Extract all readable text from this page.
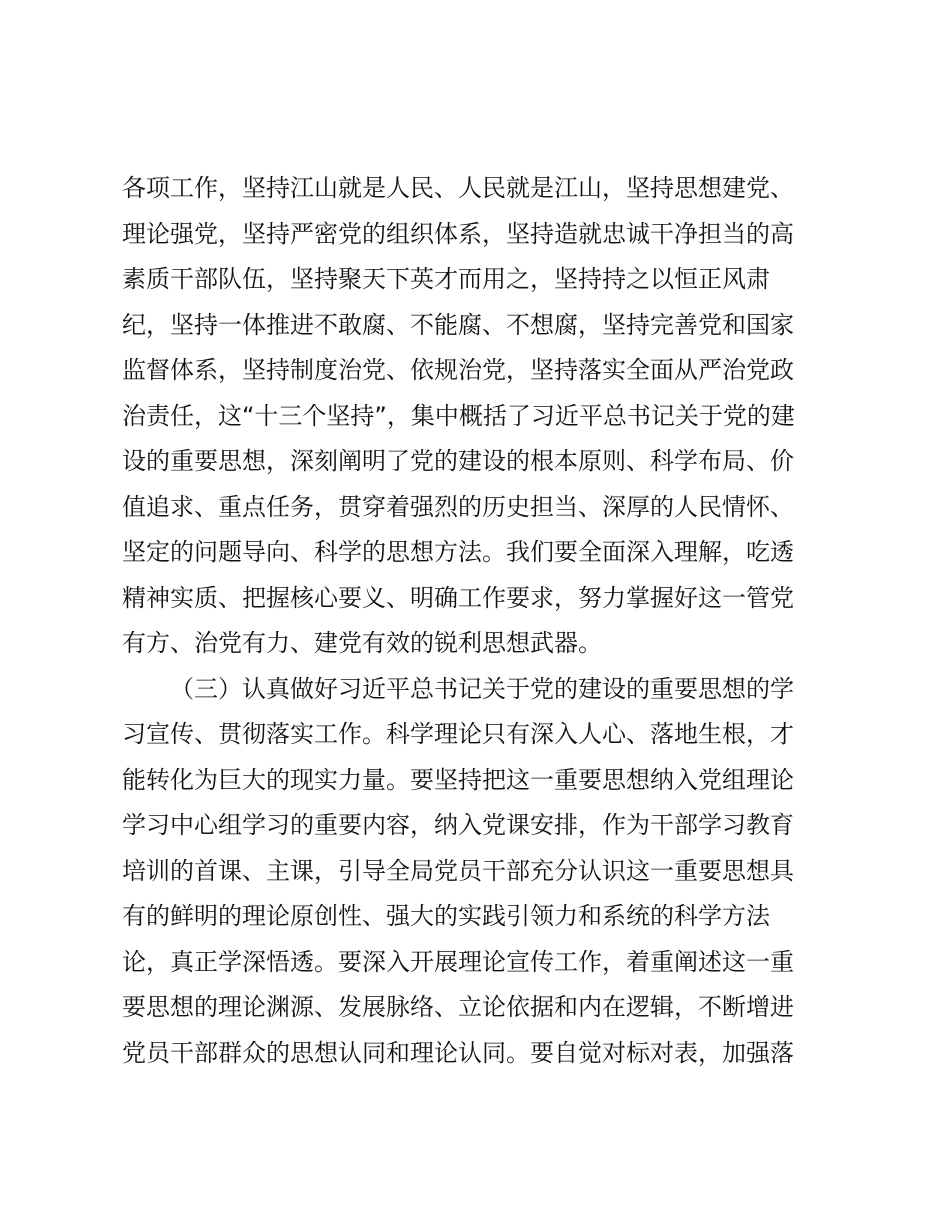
各项工作，坚持江山就是人民、人民就是江山，坚持思想建党、
理论强党，坚持严密党的组织体系，坚持造就忠诚干净担当的高
素质干部队伍，坚持聚天下英才而用之，坚持持之以恒正风肃
纪，坚持一体推进不敢腐、不能腐、不想腐，坚持完善党和国家
监督体系，坚持制度治党、依规治党，坚持落实全面从严治党政
治责任，这“十三个坚持”，集中概括了习近平总书记关于党的建
设的重要思想，深刻阐明了党的建设的根本原则、科学布局、价
值追求、重点任务，贯穿着强烈的历史担当、深厚的人民情怀、
坚定的问题导向、科学的思想方法。我们要全面深入理解，吃透
精神实质、把握核心要义、明确工作要求，努力掌握好这一管党
有方、治党有力、建党有效的锐利思想武器。
（三）认真做好习近平总书记关于党的建设的重要思想的学
习宣传、贯彻落实工作。科学理论只有深入人心、落地生根，才
能转化为巨大的现实力量。要坚持把这一重要思想纳入党组理论
学习中心组学习的重要内容，纳入党课安排，作为干部学习教育
培训的首课、主课，引导全局党员干部充分认识这一重要思想具
有的鲜明的理论原创性、强大的实践引领力和系统的科学方法
论，真正学深悟透。要深入开展理论宣传工作，着重阐述这一重
要思想的理论渊源、发展脉络、立论依据和内在逻辑，不断增进
党员干部群众的思想认同和理论认同。要自觉对标对表，加强落
